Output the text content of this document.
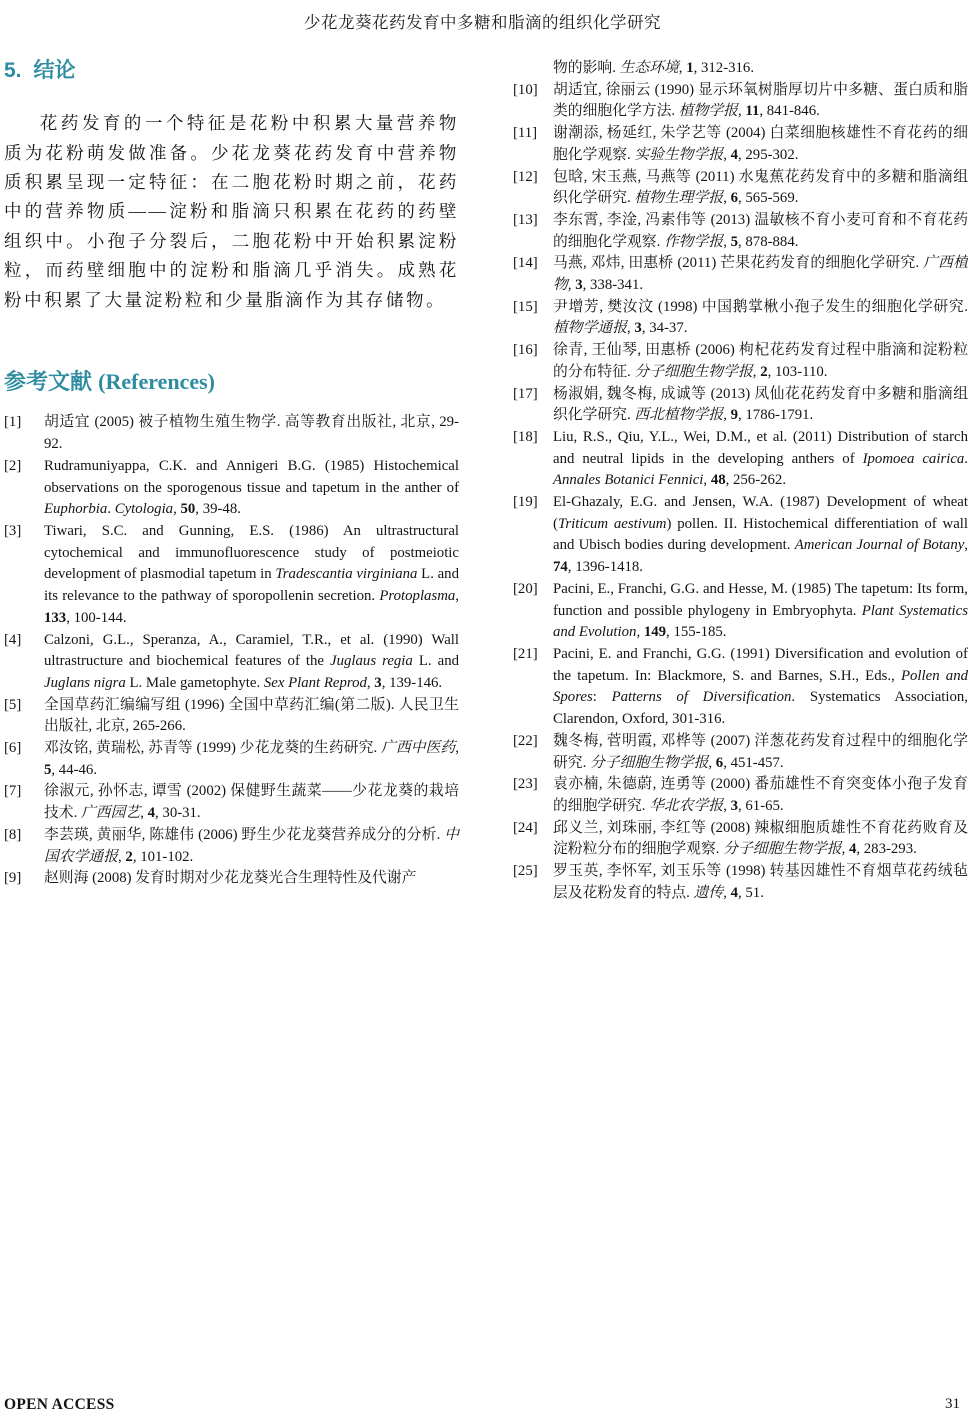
少花龙葵花药发育中多糖和脂滴的组织化学研究
5. 结论

花药发育的一个特征是花粉中积累大量营养物质为花粉萌发做准备。少花龙葵花药发育中营养物质积累呈现一定特征：在二胞花粉时期之前，花药中的营养物质——淀粉和脂滴只积累在花药的药壁组织中。小孢子分裂后，二胞花粉中开始积累淀粉粒，而药壁细胞中的淀粉和脂滴几乎消失。成熟花粉中积累了大量淀粉粒和少量脂滴作为其存储物。

参考文献 (References)
[1] 胡适宜 (2005) 被子植物生殖生物学. 高等教育出版社, 北京, 29-92.
[2] Rudramuniyappa, C.K. and Annigeri B.G. (1985) Histochemical observations on the sporogenous tissue and tapetum in the anther of Euphorbia. Cytologia, 50, 39-48.
[3] Tiwari, S.C. and Gunning, E.S. (1986) An ultrastructural cytochemical and immunofluorescence study of postmeiotic development of plasmodial tapetum in Tradescantia virginiana L. and its relevance to the pathway of sporopollenin secretion. Protoplasma, 133, 100-144.
[4] Calzoni, G.L., Speranza, A., Caramiel, T.R., et al. (1990) Wall ultrastructure and biochemical features of the Juglaus regia L. and Juglans nigra L. Male gametophyte. Sex Plant Reprod, 3, 139-146.
[5] 全国草药汇编编写组 (1996) 全国中草药汇编(第二版). 人民卫生出版社, 北京, 265-266.
[6] 邓汝铭, 黄瑞松, 苏青等 (1999) 少花龙葵的生药研究. 广西中医药, 5, 44-46.
[7] 徐淑元, 孙怀志, 谭雪 (2002) 保健野生蔬菜——少花龙葵的栽培技术. 广西园艺, 4, 30-31.
[8] 李芸瑛, 黄丽华, 陈雄伟 (2006) 野生少花龙葵营养成分的分析. 中国农学通报, 2, 101-102.
[9] 赵则海 (2008) 发育时期对少花龙葵光合生理特性及代谢产
物的影响. 生态环境, 1, 312-316.
[10] 胡适宜, 徐丽云 (1990) 显示环氧树脂厚切片中多糖、蛋白质和脂类的细胞化学方法. 植物学报, 11, 841-846.
[11] 谢潮添, 杨延红, 朱学艺等 (2004) 白菜细胞核雄性不育花药的细胞化学观察. 实验生物学报, 4, 295-302.
[12] 包晗, 宋玉燕, 马燕等 (2011) 水鬼蕉花药发育中的多糖和脂滴组织化学研究. 植物生理学报, 6, 565-569.
[13] 李东霄, 李淦, 冯素伟等 (2013) 温敏核不育小麦可育和不育花药的细胞化学观察. 作物学报, 5, 878-884.
[14] 马燕, 邓炜, 田惠桥 (2011) 芒果花药发育的细胞化学研究. 广西植物, 3, 338-341.
[15] 尹增芳, 樊汝汶 (1998) 中国鹅掌楸小孢子发生的细胞化学研究. 植物学通报, 3, 34-37.
[16] 徐青, 王仙琴, 田惠桥 (2006) 枸杞花药发育过程中脂滴和淀粉粒的分布特征. 分子细胞生物学报, 2, 103-110.
[17] 杨淑娟, 魏冬梅, 成诚等 (2013) 凤仙花花药发育中多糖和脂滴组织化学研究. 西北植物学报, 9, 1786-1791.
[18] Liu, R.S., Qiu, Y.L., Wei, D.M., et al. (2011) Distribution of starch and neutral lipids in the developing anthers of Ipomoea cairica. Annales Botanici Fennici, 48, 256-262.
[19] El-Ghazaly, E.G. and Jensen, W.A. (1987) Development of wheat (Triticum aestivum) pollen. II. Histochemical differentiation of wall and Ubisch bodies during development. American Journal of Botany, 74, 1396-1418.
[20] Pacini, E., Franchi, G.G. and Hesse, M. (1985) The tapetum: Its form, function and possible phylogeny in Embryophyta. Plant Systematics and Evolution, 149, 155-185.
[21] Pacini, E. and Franchi, G.G. (1991) Diversification and evolution of the tapetum. In: Blackmore, S. and Barnes, S.H., Eds., Pollen and Spores: Patterns of Diversification. Systematics Association, Clarendon, Oxford, 301-316.
[22] 魏冬梅, 菅明霞, 邓桦等 (2007) 洋葱花药发育过程中的细胞化学研究. 分子细胞生物学报, 6, 451-457.
[23] 袁亦楠, 朱德蔚, 连勇等 (2000) 番茄雄性不育突变体小孢子发育的细胞学研究. 华北农学报, 3, 61-65.
[24] 邱义兰, 刘珠丽, 李红等 (2008) 辣椒细胞质雄性不育花药败育及淀粉粒分布的细胞学观察. 分子细胞生物学报, 4, 283-293.
[25] 罗玉英, 李怀军, 刘玉乐等 (1998) 转基因雄性不育烟草花药绒毡层及花粉发育的特点. 遗传, 4, 51.
OPEN ACCESS	31
